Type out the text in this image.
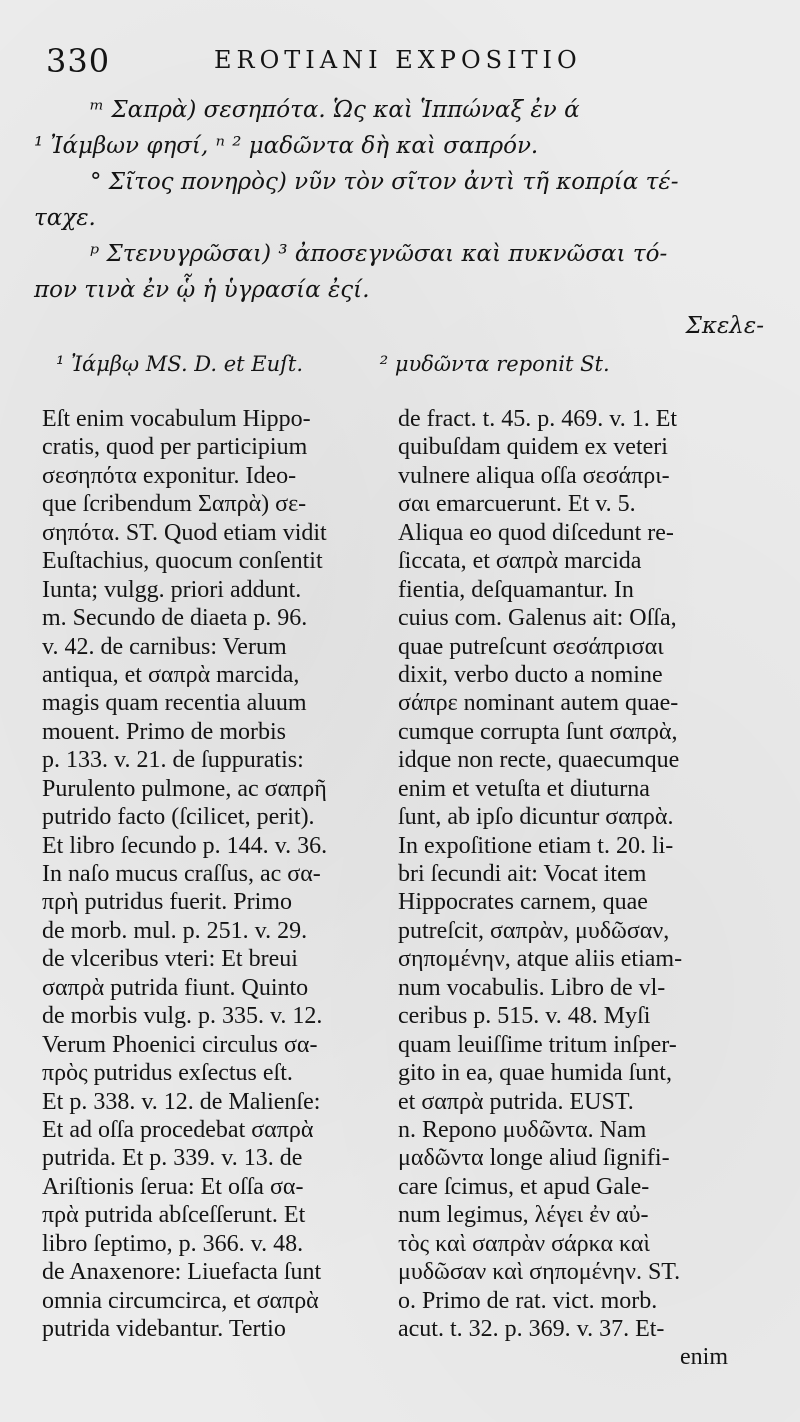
330	EROTIANI EXPOSITIO
ᵐ Σαπρὰ) σεσηπότα. Ὡς καὶ Ἱππώναξ ἐν ά
¹ Ἰάμβων φησί, ⁿ ² μαδῶντα δὴ καὶ σαπρόν.
° Σῖτος πονηρὸς) νῦν τὸν σῖτον ἀντὶ τῆ κοπρία τέ-
ταχε.
ᵖ Στενυγρῶσαι) ³ ἀποσεγνῶσαι καὶ πυκνῶσαι τό-
πον τινὰ ἐν ᾧ ἡ ὑγρασία ἐςί.
Σκελε-
¹ Ἰάμβῳ MS. D. et Euſt.	² μυδῶντα reponit St.
Eſt enim vocabulum Hippo-
cratis, quod per participium
σεσηπότα exponitur. Ideo-
que ſcribendum Σαπρὰ) σε-
σηπότα. ST. Quod etiam vidit
Euſtachius, quocum conſentit
Iunta; vulgg. priori addunt.
m. Secundo de diaeta p. 96.
v. 42. de carnibus: Verum
antiqua, et σαπρὰ marcida,
magis quam recentia aluum
mouent. Primo de morbis
p. 133. v. 21. de ſuppuratis:
Purulento pulmone, ac σαπρῆ
putrido facto (ſcilicet, perit).
Et libro ſecundo p. 144. v. 36.
In naſo mucus craſſus, ac σα-
πρὴ putridus fuerit. Primo
de morb. mul. p. 251. v. 29.
de vlceribus vteri: Et breui
σαπρὰ putrida fiunt. Quinto
de morbis vulg. p. 335. v. 12.
Verum Phoenici circulus σα-
πρὸς putridus exſectus eſt.
Et p. 338. v. 12. de Malienſe:
Et ad oſſa procedebat σαπρὰ
putrida. Et p. 339. v. 13. de
Ariſtionis ſerua: Et oſſa σα-
πρὰ putrida abſceſſerunt. Et
libro ſeptimo, p. 366. v. 48.
de Anaxenore: Liuefacta ſunt
omnia circumcirca, et σαπρὰ
putrida videbantur. Tertio
de fract. t. 45. p. 469. v. 1. Et
quibuſdam quidem ex veteri
vulnere aliqua oſſa σεσάπρι-
σαι emarcuerunt. Et v. 5.
Aliqua eo quod diſcedunt re-
ſiccata, et σαπρὰ marcida
fientia, deſquamantur. In
cuius com. Galenus ait: Oſſa,
quae putreſcunt σεσάπρισαι
dixit, verbo ducto a nomine
σάπρε nominant autem quae-
cumque corrupta ſunt σαπρὰ,
idque non recte, quaecumque
enim et vetuſta et diuturna
ſunt, ab ipſo dicuntur σαπρὰ.
In expoſitione etiam t. 20. li-
bri ſecundi ait: Vocat item
Hippocrates carnem, quae
putreſcit, σαπρὰν, μυδῶσαν,
σηπομένην, atque aliis etiam-
num vocabulis. Libro de vl-
ceribus p. 515. v. 48. Myſi
quam leuiſſime tritum inſper-
gito in ea, quae humida ſunt,
et σαπρὰ putrida. EUST.
n. Repono μυδῶντα. Nam
μαδῶντα longe aliud ſignifi-
care ſcimus, et apud Gale-
num legimus, λέγει ἐν αὐ-
τὸς καὶ σαπρὰν σάρκα καὶ
μυδῶσαν καὶ σηπομένην. ST.
o. Primo de rat. vict. morb.
acut. t. 32. p. 369. v. 37. Et-
enim
